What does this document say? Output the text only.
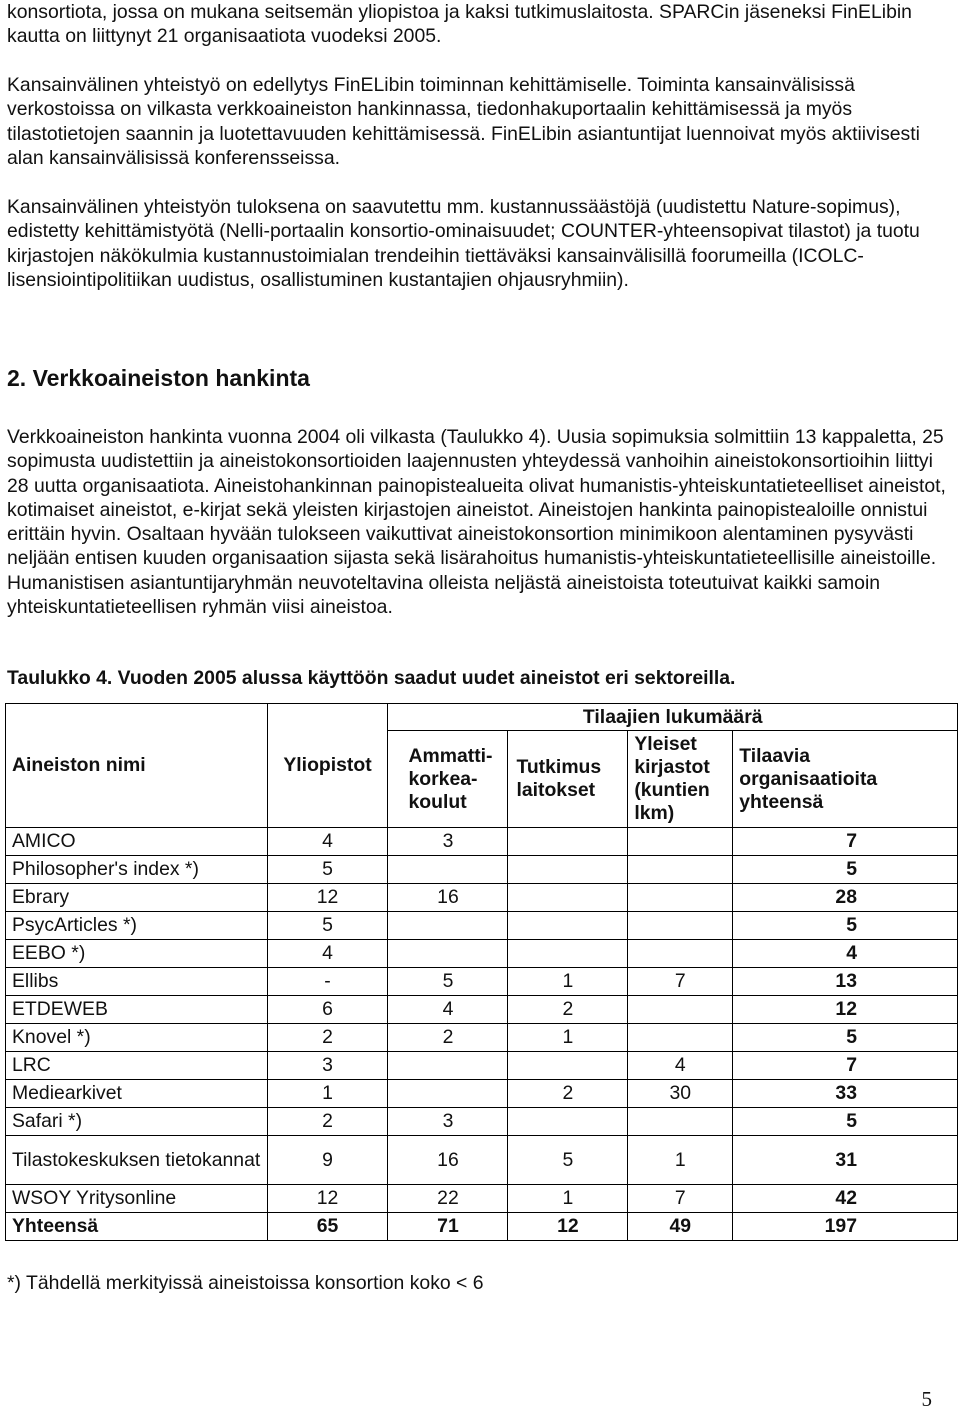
konsortiota, jossa on mukana seitsemän yliopistoa ja kaksi tutkimuslaitosta. SPARCin jäseneksi FinELibin kautta on liittynyt 21 organisaatiota vuodeksi 2005.

Kansainvälinen yhteistyö on edellytys FinELibin toiminnan kehittämiselle. Toiminta kansainvälisissä verkostoissa on vilkasta verkkoaineiston hankinnassa, tiedonhakuportaalin kehittämisessä ja myös tilastotietojen saannin ja luotettavuuden kehittämisessä. FinELibin asiantuntijat luennoivat myös aktiivisesti alan kansainvälisissä konferensseissa.

Kansainvälinen yhteistyön tuloksena on saavutettu mm. kustannussäästöjä (uudistettu Nature-sopimus), edistetty kehittämistyötä (Nelli-portaalin konsortio-ominaisuudet; COUNTER-yhteensopivat tilastot) ja tuotu kirjastojen näkökulmia kustannustoimialan trendeihin tiettäväksi kansainvälisillä foorumeilla (ICOLC-lisensiointipolitiikan uudistus, osallistuminen kustantajien ohjausryhmiin).

2. Verkkoaineiston hankinta

Verkkoaineiston hankinta vuonna 2004 oli vilkasta (Taulukko 4). Uusia sopimuksia solmittiin 13 kappaletta, 25 sopimusta uudistettiin ja aineistokonsortioiden laajennusten yhteydessä vanhoihin aineistokonsortioihin liittyi 28 uutta organisaatiota. Aineistohankinnan painopistealueita olivat humanistis-yhteiskuntatieteelliset aineistot, kotimaiset aineistot, e-kirjat sekä yleisten kirjastojen aineistot. Aineistojen hankinta painopistealoille onnistui erittäin hyvin. Osaltaan hyvään tulokseen vaikuttivat aineistokonsortion minimikoon alentaminen pysyvästi neljään entisen kuuden organisaation sijasta sekä lisärahoitus humanistis-yhteiskuntatieteellisille aineistoille. Humanistisen asiantuntijaryhmän neuvoteltavina olleista neljästä aineistoista toteutuivat kaikki samoin yhteiskuntatieteellisen ryhmän viisi aineistoa.

Taulukko 4. Vuoden 2005 alussa käyttöön saadut uudet aineistot eri sektoreilla.

Aineiston nimi	Yliopistot	Tilaajien lukumäärä			
		Ammatti-korkea-koulut	Tutkimus laitokset	Yleiset kirjastot (kuntien lkm)	Tilaavia organisaatioita yhteensä
AMICO	4	3			7
Philosopher's index *)	5				5
Ebrary	12	16			28
PsycArticles *)	5				5
EEBO *)	4				4
Ellibs	-	5	1	7	13
ETDEWEB	6	4	2		12
Knovel *)	2	2	1		5
LRC	3			4	7
Mediearkivet	1		2	30	33
Safari *)	2	3			5
Tilastokeskuksen tietokannat	9	16	5	1	31
WSOY Yritysonline	12	22	1	7	42
Yhteensä	65	71	12	49	197
*) Tähdellä merkityissä aineistoissa konsortion koko < 6
5
